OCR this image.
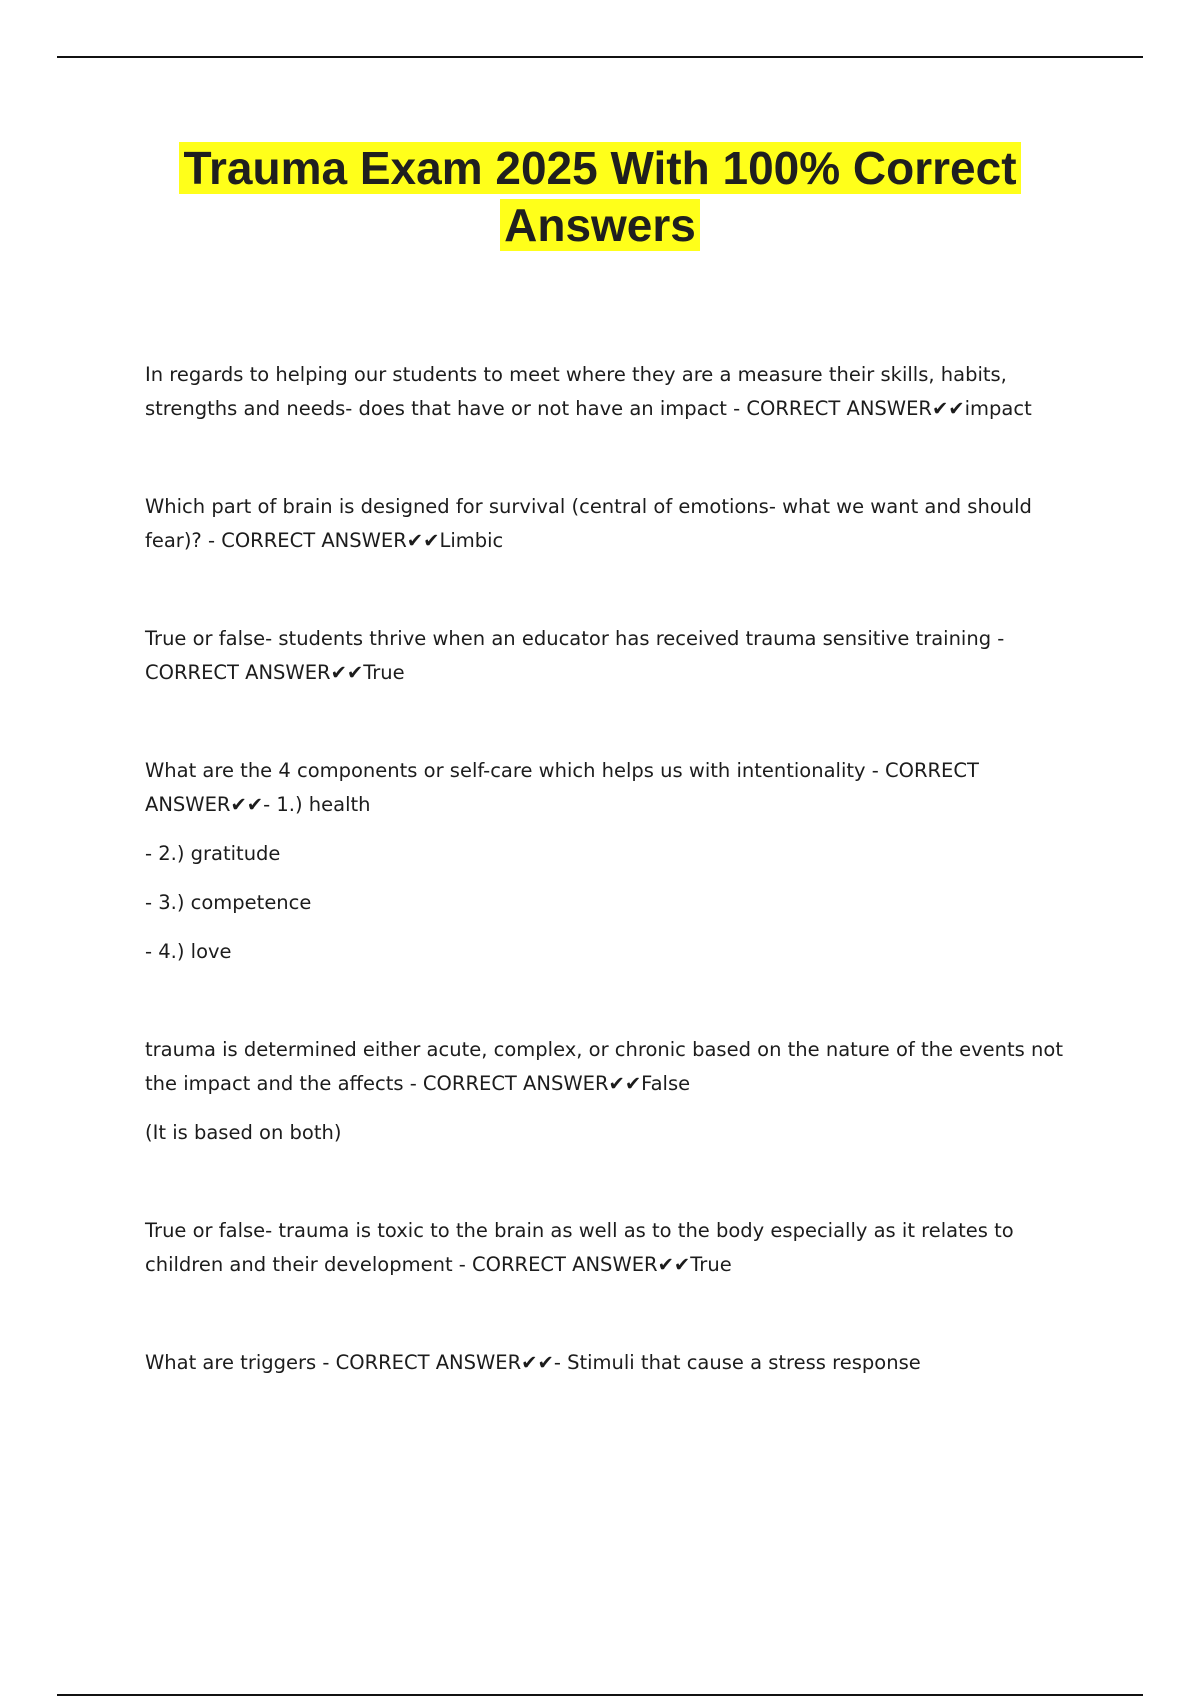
Trauma Exam 2025 With 100% Correct Answers

In regards to helping our students to meet where they are a measure their skills, habits, strengths and needs- does that have or not have an impact - CORRECT ANSWER✔✔impact

Which part of brain is designed for survival (central of emotions- what we want and should fear)? - CORRECT ANSWER✔✔Limbic

True or false- students thrive when an educator has received trauma sensitive training - CORRECT ANSWER✔✔True

What are the 4 components or self-care which helps us with intentionality - CORRECT ANSWER✔✔- 1.) health

- 2.) gratitude

- 3.) competence

- 4.) love

trauma is determined either acute, complex, or chronic based on the nature of the events not the impact and the affects - CORRECT ANSWER✔✔False

(It is based on both)

True or false- trauma is toxic to the brain as well as to the body especially as it relates to children and their development - CORRECT ANSWER✔✔True

What are triggers - CORRECT ANSWER✔✔- Stimuli that cause a stress response
